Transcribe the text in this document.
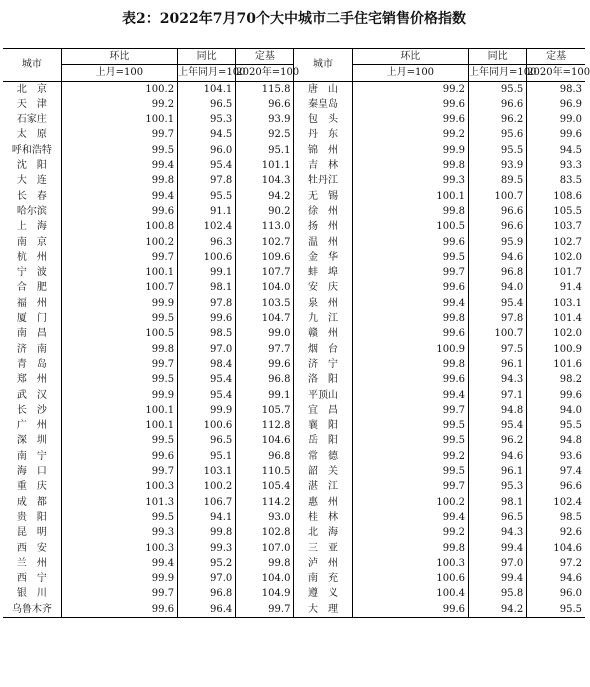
表2：2022年7月70个大中城市二手住宅销售价格指数
城市	环比	同比	定基	城市	环比	同比	定基
	上月=100	上年同月=100	2020年=100		上月=100	上年同月=100	2020年=100
北　京	100.2	104.1	115.8	唐　山	99.2	95.5	98.3
天　津	99.2	96.5	96.6	秦皇岛	99.6	96.6	96.9
石家庄	100.1	95.3	93.9	包　头	99.6	96.2	99.0
太　原	99.7	94.5	92.5	丹　东	99.2	95.6	99.6
呼和浩特	99.5	96.0	95.1	锦　州	99.9	95.5	94.5
沈　阳	99.4	95.4	101.1	吉　林	99.8	93.9	93.3
大　连	99.8	97.8	104.3	牡丹江	99.3	89.5	83.5
长　春	99.4	95.5	94.2	无　锡	100.1	100.7	108.6
哈尔滨	99.6	91.1	90.2	徐　州	99.8	96.6	105.5
上　海	100.8	102.4	113.0	扬　州	100.5	96.6	103.7
南　京	100.2	96.3	102.7	温　州	99.6	95.9	102.7
杭　州	99.7	100.6	109.6	金　华	99.5	94.6	102.0
宁　波	100.1	99.1	107.7	蚌　埠	99.7	96.8	101.7
合　肥	100.7	98.1	104.0	安　庆	99.6	94.0	91.4
福　州	99.9	97.8	103.5	泉　州	99.4	95.4	103.1
厦　门	99.5	99.6	104.7	九　江	99.8	97.8	101.4
南　昌	100.5	98.5	99.0	赣　州	99.6	100.7	102.0
济　南	99.8	97.0	97.7	烟　台	100.9	97.5	100.9
青　岛	99.7	98.4	99.6	济　宁	99.8	96.1	101.6
郑　州	99.5	95.4	96.8	洛　阳	99.6	94.3	98.2
武　汉	99.9	95.4	99.1	平顶山	99.4	97.1	99.6
长　沙	100.1	99.9	105.7	宜　昌	99.7	94.8	94.0
广　州	100.1	100.6	112.8	襄　阳	99.5	95.4	95.5
深　圳	99.5	96.5	104.6	岳　阳	99.5	96.2	94.8
南　宁	99.6	95.1	96.8	常　德	99.2	94.6	93.6
海　口	99.7	103.1	110.5	韶　关	99.5	96.1	97.4
重　庆	100.3	100.2	105.4	湛　江	99.7	95.3	96.6
成　都	101.3	106.7	114.2	惠　州	100.2	98.1	102.4
贵　阳	99.5	94.1	93.0	桂　林	99.4	96.5	98.5
昆　明	99.3	99.8	102.8	北　海	99.2	94.3	92.6
西　安	100.3	99.3	107.0	三　亚	99.8	99.4	104.6
兰　州	99.4	95.2	99.8	泸　州	100.3	97.0	97.2
西　宁	99.9	97.0	104.0	南　充	100.6	99.4	94.6
银　川	99.7	96.8	104.9	遵　义	100.4	95.8	96.0
乌鲁木齐	99.6	96.4	99.7	大　理	99.6	94.2	95.5
